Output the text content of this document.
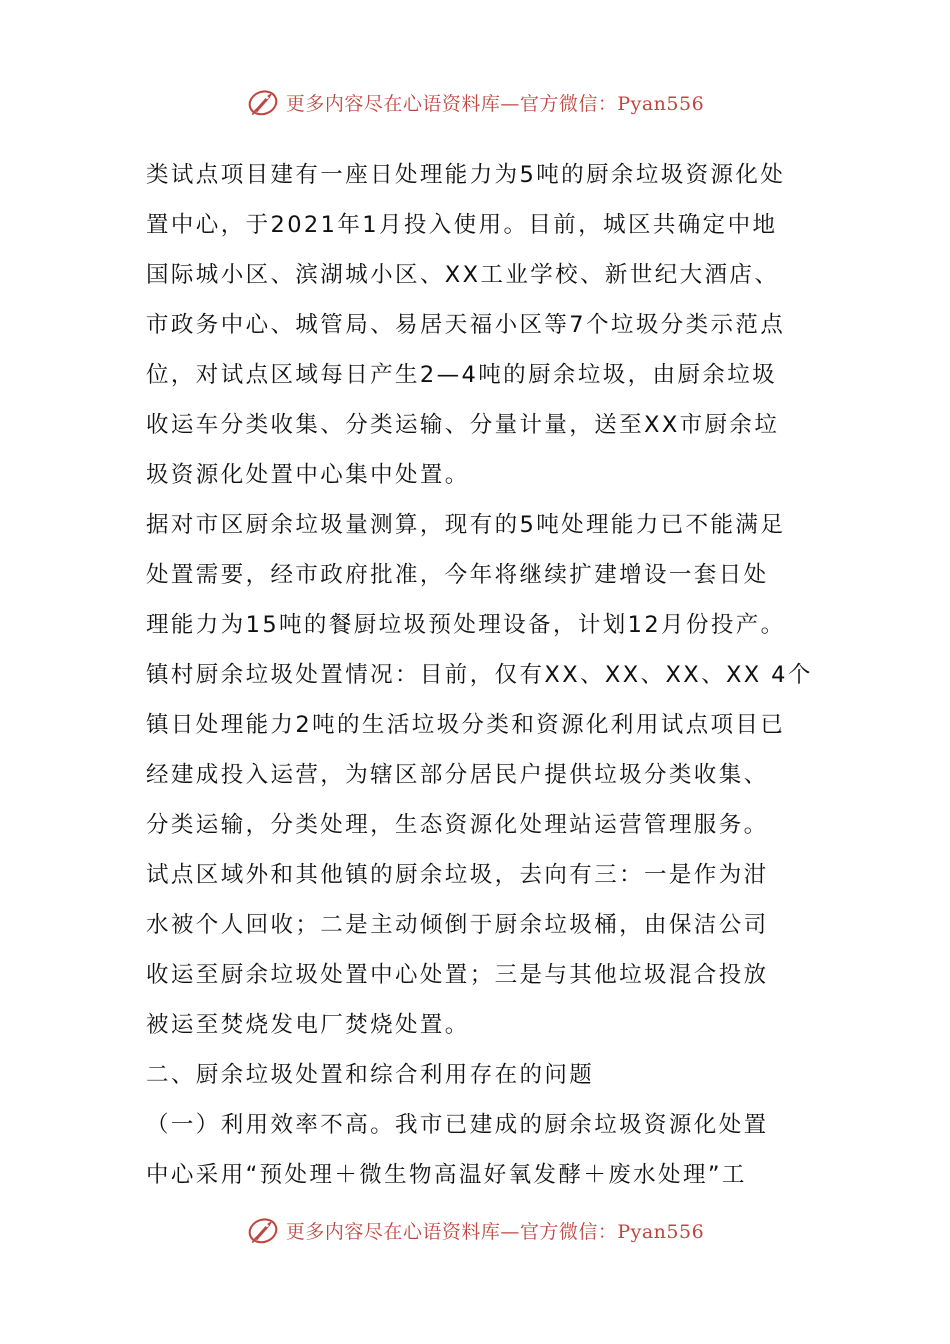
更多内容尽在心语资料库—官方微信：Pyan556

类试点项目建有一座日处理能力为5吨的厨余垃圾资源化处

置中心，于2021年1月投入使用。目前，城区共确定中地

国际城小区、滨湖城小区、XX工业学校、新世纪大酒店、

市政务中心、城管局、易居天福小区等7个垃圾分类示范点

位，对试点区域每日产生2—4吨的厨余垃圾，由厨余垃圾

收运车分类收集、分类运输、分量计量，送至XX市厨余垃

圾资源化处置中心集中处置。

据对市区厨余垃圾量测算，现有的5吨处理能力已不能满足

处置需要，经市政府批准，今年将继续扩建增设一套日处

理能力为15吨的餐厨垃圾预处理设备，计划12月份投产。

镇村厨余垃圾处置情况：目前，仅有XX、XX、XX、XX 4个

镇日处理能力2吨的生活垃圾分类和资源化利用试点项目已

经建成投入运营，为辖区部分居民户提供垃圾分类收集、

分类运输，分类处理，生态资源化处理站运营管理服务。

试点区域外和其他镇的厨余垃圾，去向有三：一是作为泔

水被个人回收；二是主动倾倒于厨余垃圾桶，由保洁公司

收运至厨余垃圾处置中心处置；三是与其他垃圾混合投放

被运至焚烧发电厂焚烧处置。

二、厨余垃圾处置和综合利用存在的问题

（一）利用效率不高。我市已建成的厨余垃圾资源化处置

中心采用“预处理＋微生物高温好氧发酵＋废水处理”工

更多内容尽在心语资料库—官方微信：Pyan556
